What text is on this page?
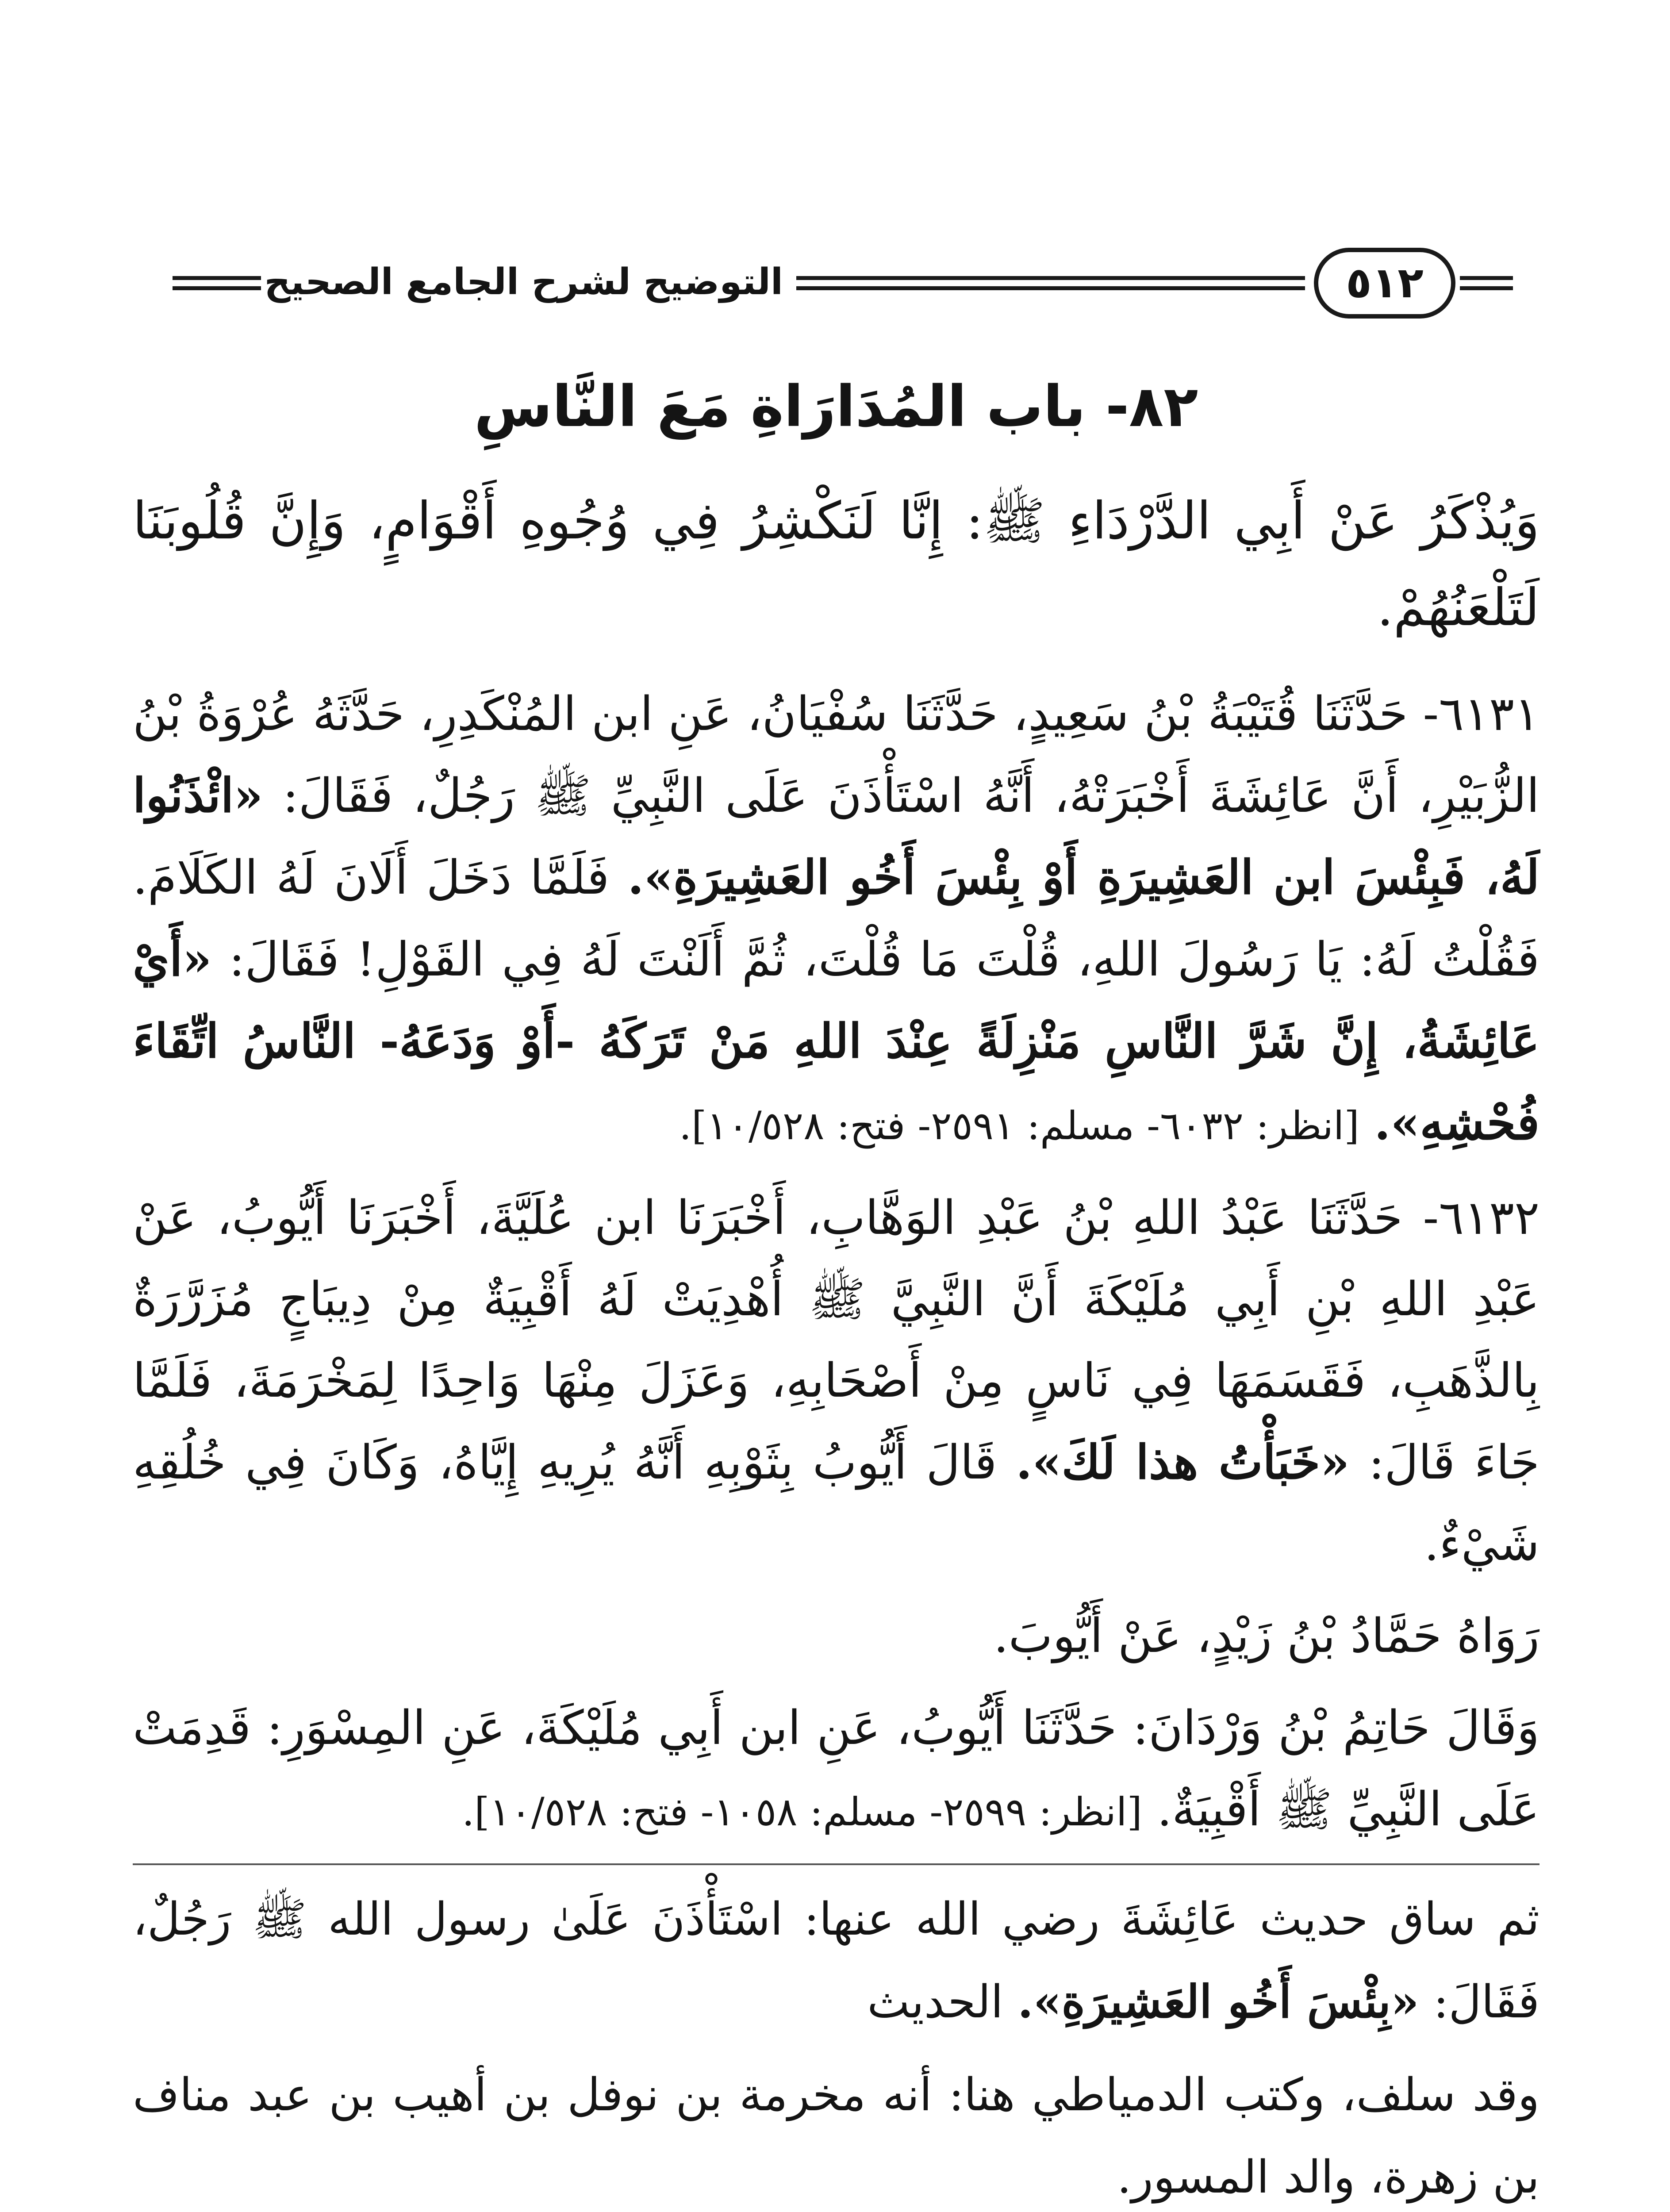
التوضيح لشرح الجامع الصحيح	٥١٢
٨٢- باب المُدَارَاةِ مَعَ النَّاسِ
وَيُذْكَرُ عَنْ أَبِي الدَّرْدَاءِ ﷺ: إِنَّا لَنَكْشِرُ فِي وُجُوهِ أَقْوَامٍ، وَإِنَّ قُلُوبَنَا لَتَلْعَنُهُمْ.
٦١٣١- حَدَّثَنَا قُتَيْبَةُ بْنُ سَعِيدٍ، حَدَّثَنَا سُفْيَانُ، عَنِ ابن المُنْكَدِرِ، حَدَّثَهُ عُرْوَةُ بْنُ الزُّبَيْرِ، أَنَّ عَائِشَةَ أَخْبَرَتْهُ، أَنَّهُ اسْتَأْذَنَ عَلَى النَّبِيِّ ﷺ رَجُلٌ، فَقَالَ: «ائْذَنُوا لَهُ، فَبِئْسَ ابن العَشِيرَةِ أَوْ بِئْسَ أَخُو العَشِيرَةِ». فَلَمَّا دَخَلَ أَلَانَ لَهُ الكَلَامَ. فَقُلْتُ لَهُ: يَا رَسُولَ اللهِ، قُلْتَ مَا قُلْتَ، ثُمَّ أَلَنْتَ لَهُ فِي القَوْلِ! فَقَالَ: «أَيْ عَائِشَةُ، إِنَّ شَرَّ النَّاسِ مَنْزِلَةً عِنْدَ اللهِ مَنْ تَرَكَهُ -أَوْ وَدَعَهُ- النَّاسُ اتِّقَاءَ فُحْشِهِ». [انظر: ٦٠٣٢- مسلم: ٢٥٩١- فتح: ١٠/٥٢٨].
٦١٣٢- حَدَّثَنَا عَبْدُ اللهِ بْنُ عَبْدِ الوَهَّابِ، أَخْبَرَنَا ابن عُلَيَّةَ، أَخْبَرَنَا أَيُّوبُ، عَنْ عَبْدِ اللهِ بْنِ أَبِي مُلَيْكَةَ أَنَّ النَّبِيَّ ﷺ أُهْدِيَتْ لَهُ أَقْبِيَةٌ مِنْ دِيبَاجٍ مُزَرَّرَةٌ بِالذَّهَبِ، فَقَسَمَهَا فِي نَاسٍ مِنْ أَصْحَابِهِ، وَعَزَلَ مِنْهَا وَاحِدًا لِمَخْرَمَةَ، فَلَمَّا جَاءَ قَالَ: «خَبَأْتُ هذا لَكَ». قَالَ أَيُّوبُ بِثَوْبِهِ أَنَّهُ يُرِيهِ إِيَّاهُ، وَكَانَ فِي خُلُقِهِ شَيْءٌ.
رَوَاهُ حَمَّادُ بْنُ زَيْدٍ، عَنْ أَيُّوبَ.
وَقَالَ حَاتِمُ بْنُ وَرْدَانَ: حَدَّثَنَا أَيُّوبُ، عَنِ ابن أَبِي مُلَيْكَةَ، عَنِ المِسْوَرِ: قَدِمَتْ عَلَى النَّبِيِّ ﷺ أَقْبِيَةٌ. [انظر: ٢٥٩٩- مسلم: ١٠٥٨- فتح: ١٠/٥٢٨].
ثم ساق حديث عَائِشَةَ رضي الله عنها: اسْتَأْذَنَ عَلَىٰ رسول الله ﷺ رَجُلٌ، فَقَالَ: «بِئْسَ أَخُو العَشِيرَةِ». الحديث
وقد سلف، وكتب الدمياطي هنا: أنه مخرمة بن نوفل بن أهيب بن عبد مناف بن زهرة، والد المسور.
